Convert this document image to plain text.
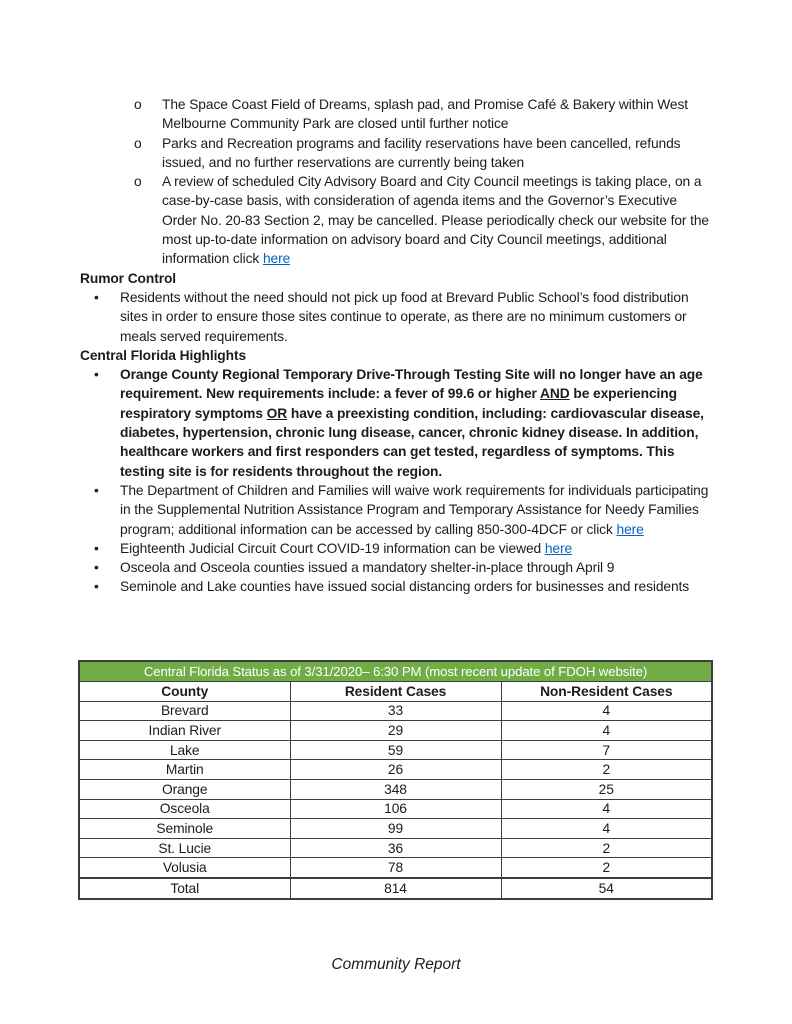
o The Space Coast Field of Dreams, splash pad, and Promise Café & Bakery within West Melbourne Community Park are closed until further notice
o Parks and Recreation programs and facility reservations have been cancelled, refunds issued, and no further reservations are currently being taken
o A review of scheduled City Advisory Board and City Council meetings is taking place, on a case-by-case basis, with consideration of agenda items and the Governor’s Executive Order No. 20-83 Section 2, may be cancelled. Please periodically check our website for the most up-to-date information on advisory board and City Council meetings, additional information click here
Rumor Control
• Residents without the need should not pick up food at Brevard Public School’s food distribution sites in order to ensure those sites continue to operate, as there are no minimum customers or meals served requirements.
Central Florida Highlights
• Orange County Regional Temporary Drive-Through Testing Site will no longer have an age requirement. New requirements include: a fever of 99.6 or higher AND be experiencing respiratory symptoms OR have a preexisting condition, including: cardiovascular disease, diabetes, hypertension, chronic lung disease, cancer, chronic kidney disease. In addition, healthcare workers and first responders can get tested, regardless of symptoms. This testing site is for residents throughout the region.
• The Department of Children and Families will waive work requirements for individuals participating in the Supplemental Nutrition Assistance Program and Temporary Assistance for Needy Families program; additional information can be accessed by calling 850-300-4DCF or click here
• Eighteenth Judicial Circuit Court COVID-19 information can be viewed here
• Osceola and Osceola counties issued a mandatory shelter-in-place through April 9
• Seminole and Lake counties have issued social distancing orders for businesses and residents
Central Florida Status as of 3/31/2020– 6:30 PM (most recent update of FDOH website)		
County	Resident Cases	Non-Resident Cases
Brevard	33	4
Indian River	29	4
Lake	59	7
Martin	26	2
Orange	348	25
Osceola	106	4
Seminole	99	4
St. Lucie	36	2
Volusia	78	2
Total	814	54
Community Report
